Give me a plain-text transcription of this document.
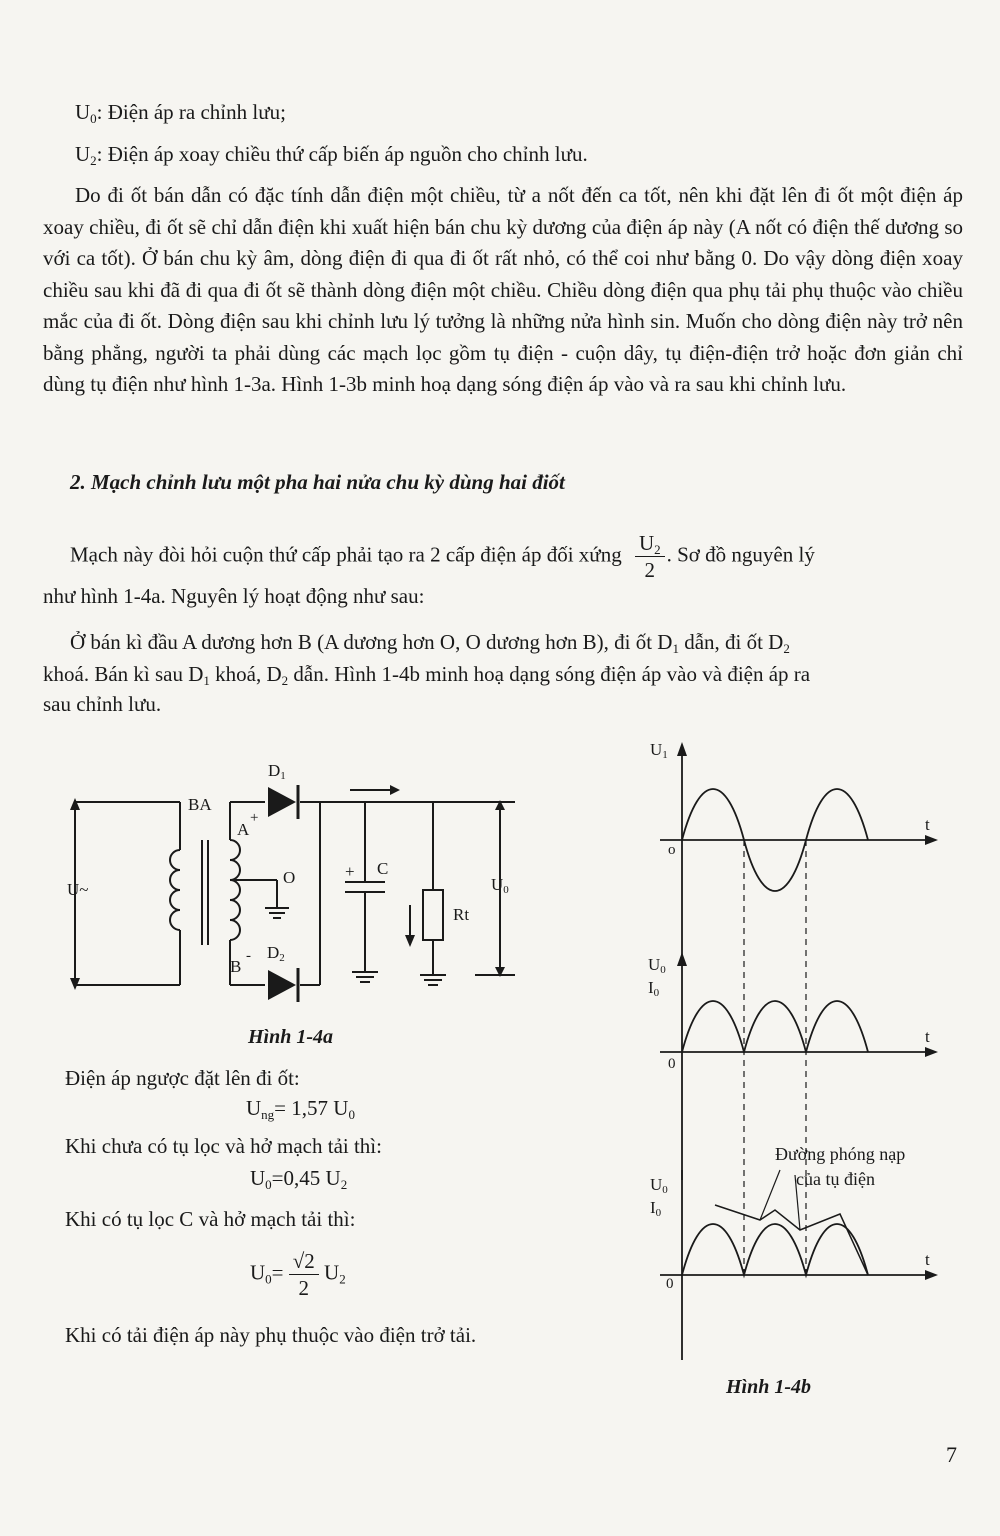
$U_0$: Điện áp ra chỉnh lưu;
$U_2$: Điện áp xoay chiều thứ cấp biến áp nguồn cho chỉnh lưu.

Do đi ốt bán dẫn có đặc tính dẫn điện một chiều, từ a nốt đến ca tốt, nên khi đặt lên đi ốt một điện áp xoay chiều, đi ốt sẽ chỉ dẫn điện khi xuất hiện bán chu kỳ dương của điện áp này (A nốt có điện thế dương so với ca tốt). Ở bán chu kỳ âm, dòng điện đi qua đi ốt rất nhỏ, có thể coi như bằng 0. Do vậy dòng điện xoay chiều sau khi đã đi qua đi ốt sẽ thành dòng điện một chiều. Chiều dòng điện qua phụ tải phụ thuộc vào chiều mắc của đi ốt. Dòng điện sau khi chỉnh lưu lý tưởng là những nửa hình sin. Muốn cho dòng điện này trở nên bằng phẳng, người ta phải dùng các mạch lọc gồm tụ điện - cuộn dây, tụ điện-điện trở hoặc đơn giản chỉ dùng tụ điện như hình 1-3a. Hình 1-3b minh hoạ dạng sóng điện áp vào và ra sau khi chỉnh lưu.

2. Mạch chỉnh lưu một pha hai nửa chu kỳ dùng hai điốt
Mạch này đòi hỏi cuộn thứ cấp phải tạo ra 2 cấp điện áp đối xứng $\frac{U_2}{2}$ . Sơ đồ nguyên lý
như hình 1-4a. Nguyên lý hoạt động như sau:
Ở bán kì đầu A dương hơn B (A dương hơn O, O dương hơn B), đi ốt $D_1$ dẫn, đi ốt $D_2$
khoá. Bán kì sau $D_1$ khoá, $D_2$ dẫn. Hình 1-4b minh hoạ dạng sóng điện áp vào và điện áp ra
sau chỉnh lưu.
BA
D1
A
+
O
B
- D2
C
+
Rt
U~	U0
Hình 1-4a
Điện áp ngược đặt lên đi ốt:
$U_{ng}= 1,57$ $U_0$
Khi chưa có tụ lọc và hở mạch tải thì:
$U_0=0,45$ $U_2$
Khi có tụ lọc C và hở mạch tải thì:
$U_0= \frac{√2}{2} U_2$
Khi có tải điện áp này phụ thuộc vào điện trở tải.
U1
t
o
U0
I0
t
0
U0
I0
t
0
Đường phóng nạp
của tụ điện
Hình 1-4b
7
